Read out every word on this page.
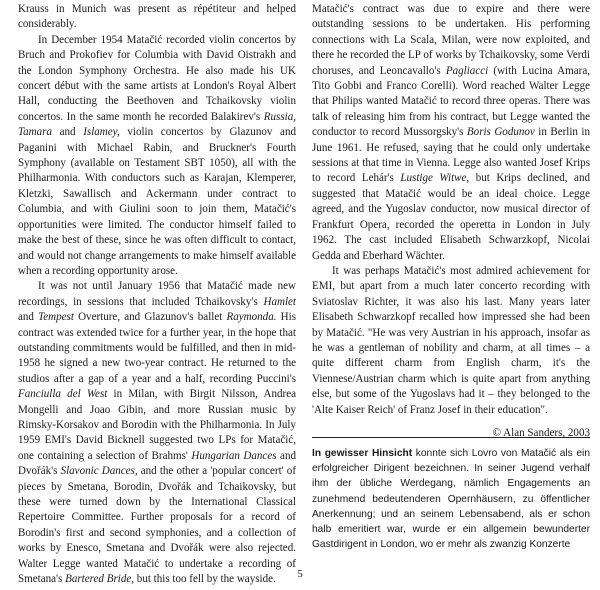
Krauss in Munich was present as répétiteur and helped considerably.

In December 1954 Matačić recorded violin concertos by Bruch and Prokofiev for Columbia with David Oistrakh and the London Symphony Orchestra. He also made his UK concert début with the same artists at London's Royal Albert Hall, conducting the Beethoven and Tchaikovsky violin concertos. In the same month he recorded Balakirev's Russia, Tamara and Islamey, violin concertos by Glazunov and Paganini with Michael Rabin, and Bruckner's Fourth Symphony (available on Testament SBT 1050), all with the Philharmonia. With conductors such as Karajan, Klemperer, Kletzki, Sawallisch and Ackermann under contract to Columbia, and with Giulini soon to join them, Matačić's opportunities were limited. The conductor himself failed to make the best of these, since he was often difficult to contact, and would not change arrangements to make himself available when a recording opportunity arose.

It was not until January 1956 that Matačić made new recordings, in sessions that included Tchaikovsky's Hamlet and Tempest Overture, and Glazunov's ballet Raymonda. His contract was extended twice for a further year, in the hope that outstanding commitments would be fulfilled, and then in mid-1958 he signed a new two-year contract. He returned to the studios after a gap of a year and a half, recording Puccini's Fanciulla del West in Milan, with Birgit Nilsson, Andrea Mongelli and Joao Gibin, and more Russian music by Rimsky-Korsakov and Borodin with the Philharmonia. In July 1959 EMI's David Bicknell suggested two LPs for Matačić, one containing a selection of Brahms' Hungarian Dances and Dvořák's Slavonic Dances, and the other a 'popular concert' of pieces by Smetana, Borodin, Dvořák and Tchaikovsky, but these were turned down by the International Classical Repertoire Committee. Further proposals for a record of Borodin's first and second symphonies, and a collection of works by Enesco, Smetana and Dvořák were also rejected. Walter Legge wanted Matačić to undertake a recording of Smetana's Bartered Bride, but this too fell by the wayside.

Matačić's contract was due to expire and there were outstanding sessions to be undertaken. His performing connections with La Scala, Milan, were now exploited, and there he recorded the LP of works by Tchaikovsky, some Verdi choruses, and Leoncavallo's Pagliacci (with Lucina Amara, Tito Gobbi and Franco Corelli). Word reached Walter Legge that Philips wanted Matačić to record three operas. There was talk of releasing him from his contract, but Legge wanted the conductor to record Mussorgsky's Boris Godunov in Berlin in June 1961. He refused, saying that he could only undertake sessions at that time in Vienna. Legge also wanted Josef Krips to record Lehár's Lustige Witwe, but Krips declined, and suggested that Matačić would be an ideal choice. Legge agreed, and the Yugoslav conductor, now musical director of Frankfurt Opera, recorded the operetta in London in July 1962. The cast included Elisabeth Schwarzkopf, Nicolai Gedda and Eberhard Wächter.

It was perhaps Matačić's most admired achievement for EMI, but apart from a much later concerto recording with Sviatoslav Richter, it was also his last. Many years later Elisabeth Schwarzkopf recalled how impressed she had been by Matačić. "He was very Austrian in his approach, insofar as he was a gentleman of nobility and charm, at all times – a quite different charm from English charm, it's the Viennese/Austrian charm which is quite apart from anything else, but some of the Yugoslavs had it – they belonged to the 'Alte Kaiser Reich' of Franz Josef in their education".

© Alan Sanders, 2003
In gewisser Hinsicht konnte sich Lovro von Matačić als ein erfolgreicher Dirigent bezeichnen. In seiner Jugend verhalf ihm der übliche Werdegang, nämlich Engagements an zunehmend bedeutenderen Opernhäusern, zu öffentlicher Anerkennung; und an seinem Lebensabend, als er schon halb emeritiert war, wurde er ein allgemein bewunderter Gastdirigent in London, wo er mehr als zwanzig Konzerte
5
